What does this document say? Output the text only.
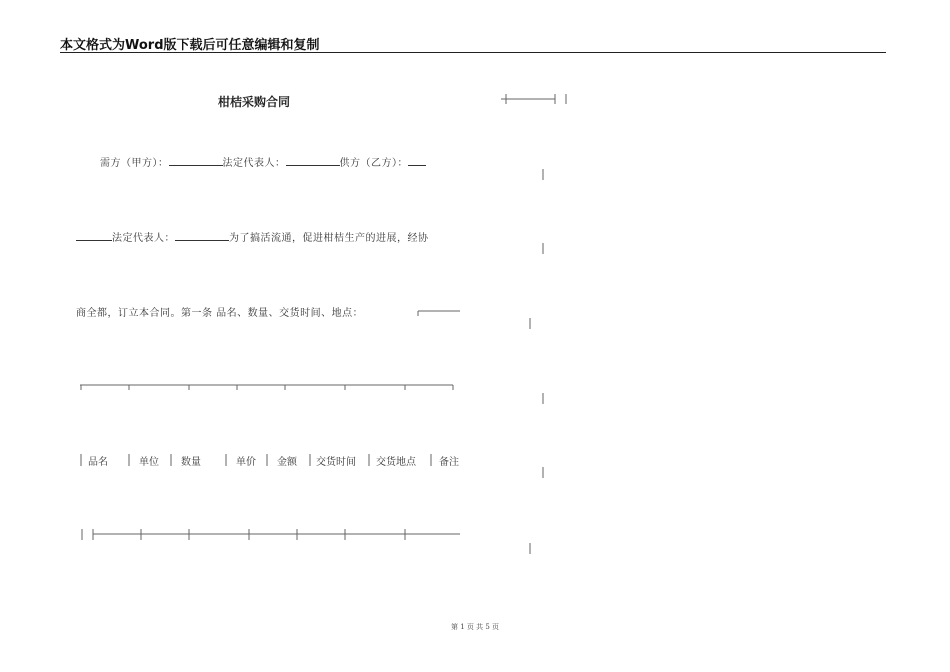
本文格式为Word版下载后可任意编辑和复制
柑桔采购合同
需方（甲方）：	法定代表人：	供方（乙方）：
法定代表人：	为了搞活流通，促进柑桔生产的进展，经协
商全都，订立本合同。第一条 品名、数量、交货时间、地点：
品名	单位 数量	单价 金额 交货时间 交货地点 备注
第 1 页 共 5 页
